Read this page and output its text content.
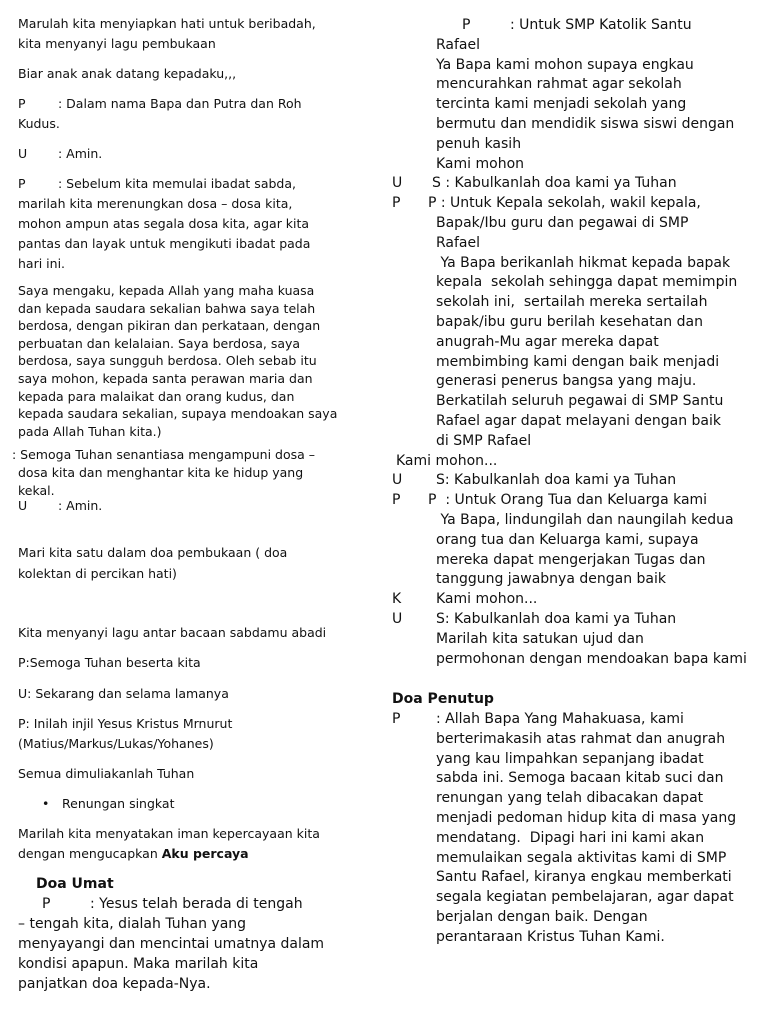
Marulah kita menyiapkan hati untuk beribadah,
kita menyanyi lagu pembukaan
Biar anak anak datang kepadaku,,,
P	: Dalam nama Bapa dan Putra dan Roh
Kudus.
U : Amin.
P	: Sebelum kita memulai ibadat sabda,
marilah kita merenungkan dosa – dosa kita,
mohon ampun atas segala dosa kita, agar kita
pantas dan layak untuk mengikuti ibadat pada
hari ini.
Saya mengaku, kepada Allah yang maha kuasa
dan kepada saudara sekalian bahwa saya telah
berdosa, dengan pikiran dan perkataan, dengan
perbuatan dan kelalaian. Saya berdosa, saya
berdosa, saya sungguh berdosa. Oleh sebab itu
saya mohon, kepada santa perawan maria dan
kepada para malaikat dan orang kudus, dan
kepada saudara sekalian, supaya mendoakan saya
pada Allah Tuhan kita.)
: Semoga Tuhan senantiasa mengampuni dosa –
dosa kita dan menghantar kita ke hidup yang
kekal.
U : Amin.
Mari kita satu dalam doa pembukaan ( doa
kolektan di percikan hati)
Kita menyanyi lagu antar bacaan sabdamu abadi
P:Semoga Tuhan beserta kita
U: Sekarang dan selama lamanya
P: Inilah injil Yesus Kristus Mrnurut
(Matius/Markus/Lukas/Yohanes)
Semua dimuliakanlah Tuhan
• Renungan singkat
Marilah kita menyatakan iman kepercayaan kita
dengan mengucapkan Aku percaya
Doa Umat
P	: Yesus telah berada di tengah
– tengah kita, dialah Tuhan yang
menyayangi dan mencintai umatnya dalam
kondisi apapun. Maka marilah kita
panjatkan doa kepada-Nya.
P	: Untuk SMP Katolik Santu
Rafael
Ya Bapa kami mohon supaya engkau
mencurahkan rahmat agar sekolah
tercinta kami menjadi sekolah yang
bermutu dan mendidik siswa siswi dengan
penuh kasih
Kami mohon
U S : Kabulkanlah doa kami ya Tuhan
P P : Untuk Kepala sekolah, wakil kepala,
Bapak/Ibu guru dan pegawai di SMP
Rafael
Ya Bapa berikanlah hikmat kepada bapak
kepala  sekolah sehingga dapat memimpin
sekolah ini,  sertailah mereka sertailah
bapak/ibu guru berilah kesehatan dan
anugrah-Mu agar mereka dapat
membimbing kami dengan baik menjadi
generasi penerus bangsa yang maju.
Berkatilah seluruh pegawai di SMP Santu
Rafael agar dapat melayani dengan baik
di SMP Rafael
Kami mohon...
U S: Kabulkanlah doa kami ya Tuhan
P P  : Untuk Orang Tua dan Keluarga kami
Ya Bapa, lindungilah dan naungilah kedua
orang tua dan Keluarga kami, supaya
mereka dapat mengerjakan Tugas dan
tanggung jawabnya dengan baik
K Kami mohon...
U S: Kabulkanlah doa kami ya Tuhan
Marilah kita satukan ujud dan
permohonan dengan mendoakan bapa kami
Doa Penutup
P	: Allah Bapa Yang Mahakuasa, kami
berterimakasih atas rahmat dan anugrah
yang kau limpahkan sepanjang ibadat
sabda ini. Semoga bacaan kitab suci dan
renungan yang telah dibacakan dapat
menjadi pedoman hidup kita di masa yang
mendatang.  Dipagi hari ini kami akan
memulaikan segala aktivitas kami di SMP
Santu Rafael, kiranya engkau memberkati
segala kegiatan pembelajaran, agar dapat
berjalan dengan baik. Dengan
perantaraan Kristus Tuhan Kami.
